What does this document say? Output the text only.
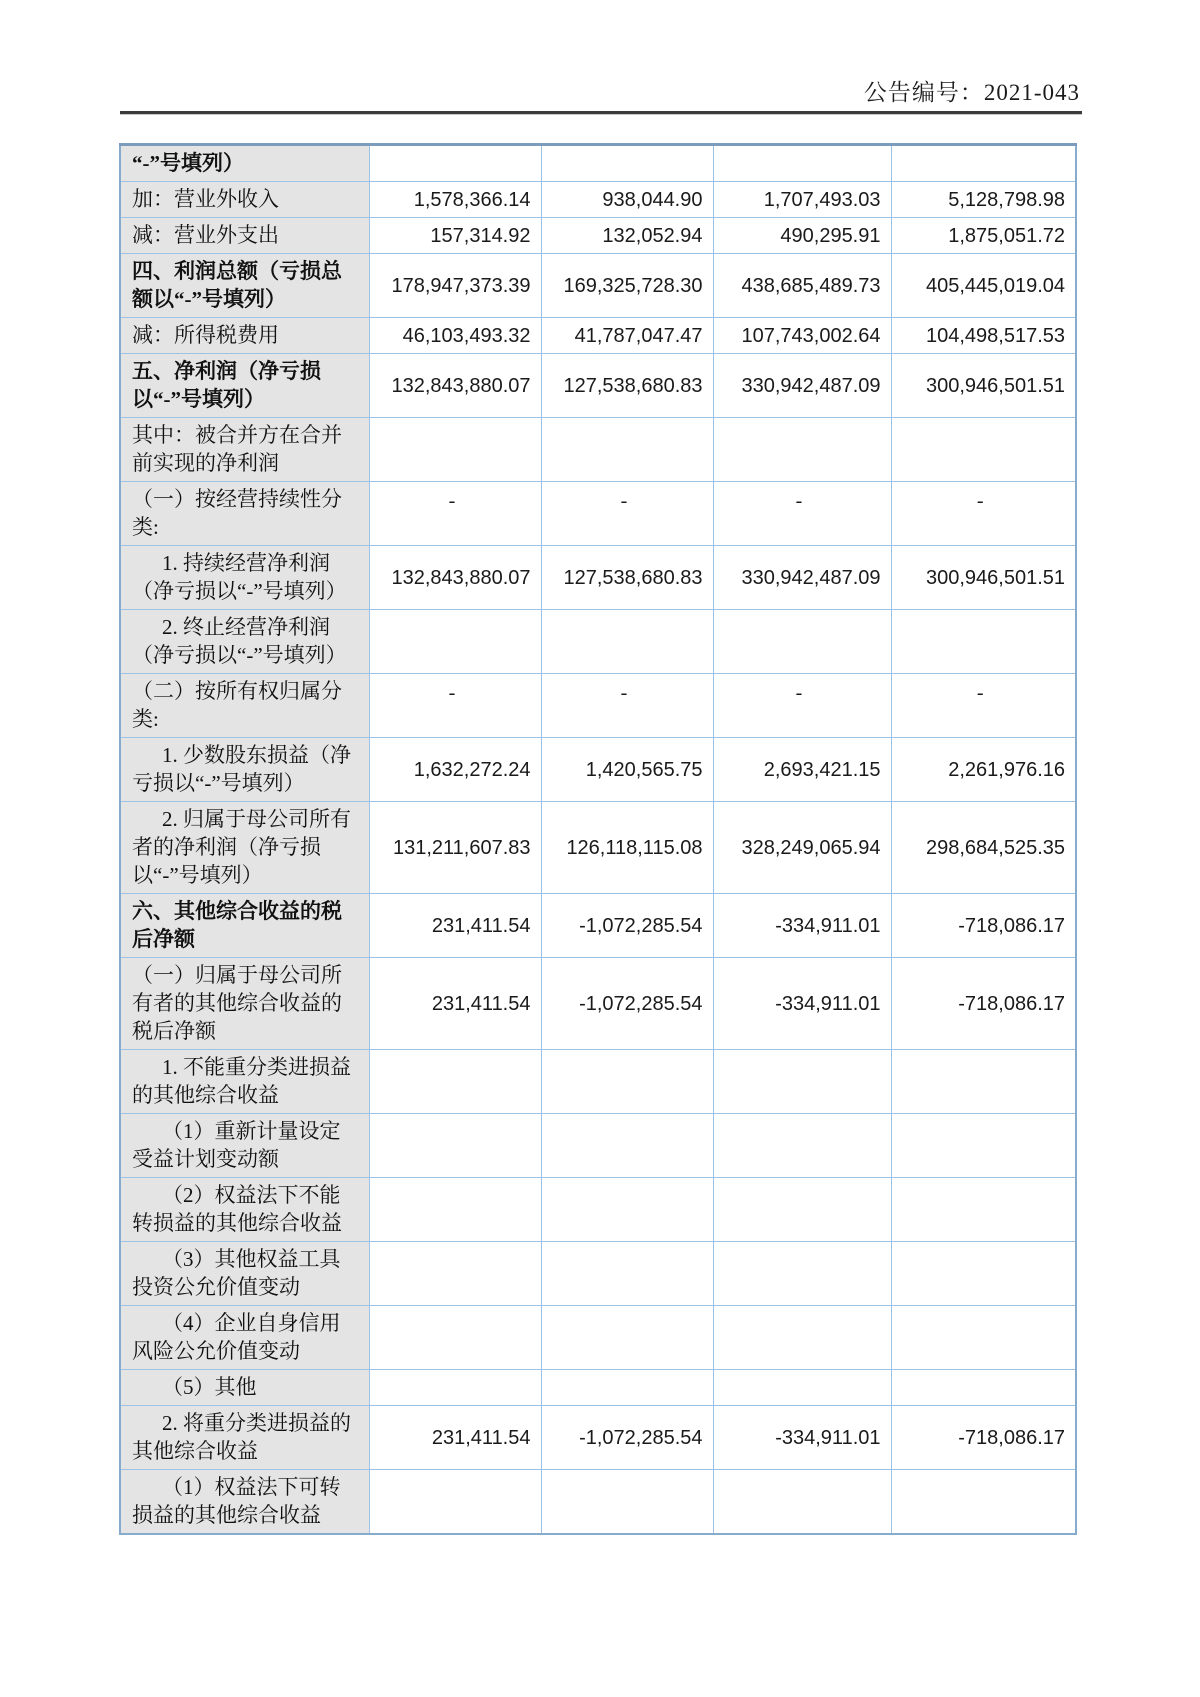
公告编号：2021-043
“-”号填列）				
加：营业外收入	1,578,366.14	938,044.90	1,707,493.03	5,128,798.98
减：营业外支出	157,314.92	132,052.94	490,295.91	1,875,051.72
四、利润总额（亏损总额以“-”号填列）	178,947,373.39	169,325,728.30	438,685,489.73	405,445,019.04
减：所得税费用	46,103,493.32	41,787,047.47	107,743,002.64	104,498,517.53
五、净利润（净亏损以“-”号填列）	132,843,880.07	127,538,680.83	330,942,487.09	300,946,501.51
其中：被合并方在合并前实现的净利润				
（一）按经营持续性分类:	-	-	-	-
1. 持续经营净利润（净亏损以“-”号填列）	132,843,880.07	127,538,680.83	330,942,487.09	300,946,501.51
2. 终止经营净利润（净亏损以“-”号填列）				
（二）按所有权归属分类:	-	-	-	-
1. 少数股东损益（净亏损以“-”号填列）	1,632,272.24	1,420,565.75	2,693,421.15	2,261,976.16
2. 归属于母公司所有者的净利润（净亏损以“-”号填列）	131,211,607.83	126,118,115.08	328,249,065.94	298,684,525.35
六、其他综合收益的税后净额	231,411.54	-1,072,285.54	-334,911.01	-718,086.17
（一）归属于母公司所有者的其他综合收益的税后净额	231,411.54	-1,072,285.54	-334,911.01	-718,086.17
1. 不能重分类进损益的其他综合收益				
（1）重新计量设定受益计划变动额				
（2）权益法下不能转损益的其他综合收益				
（3）其他权益工具投资公允价值变动				
（4）企业自身信用风险公允价值变动				
（5）其他				
2. 将重分类进损益的其他综合收益	231,411.54	-1,072,285.54	-334,911.01	-718,086.17
（1）权益法下可转损益的其他综合收益				
